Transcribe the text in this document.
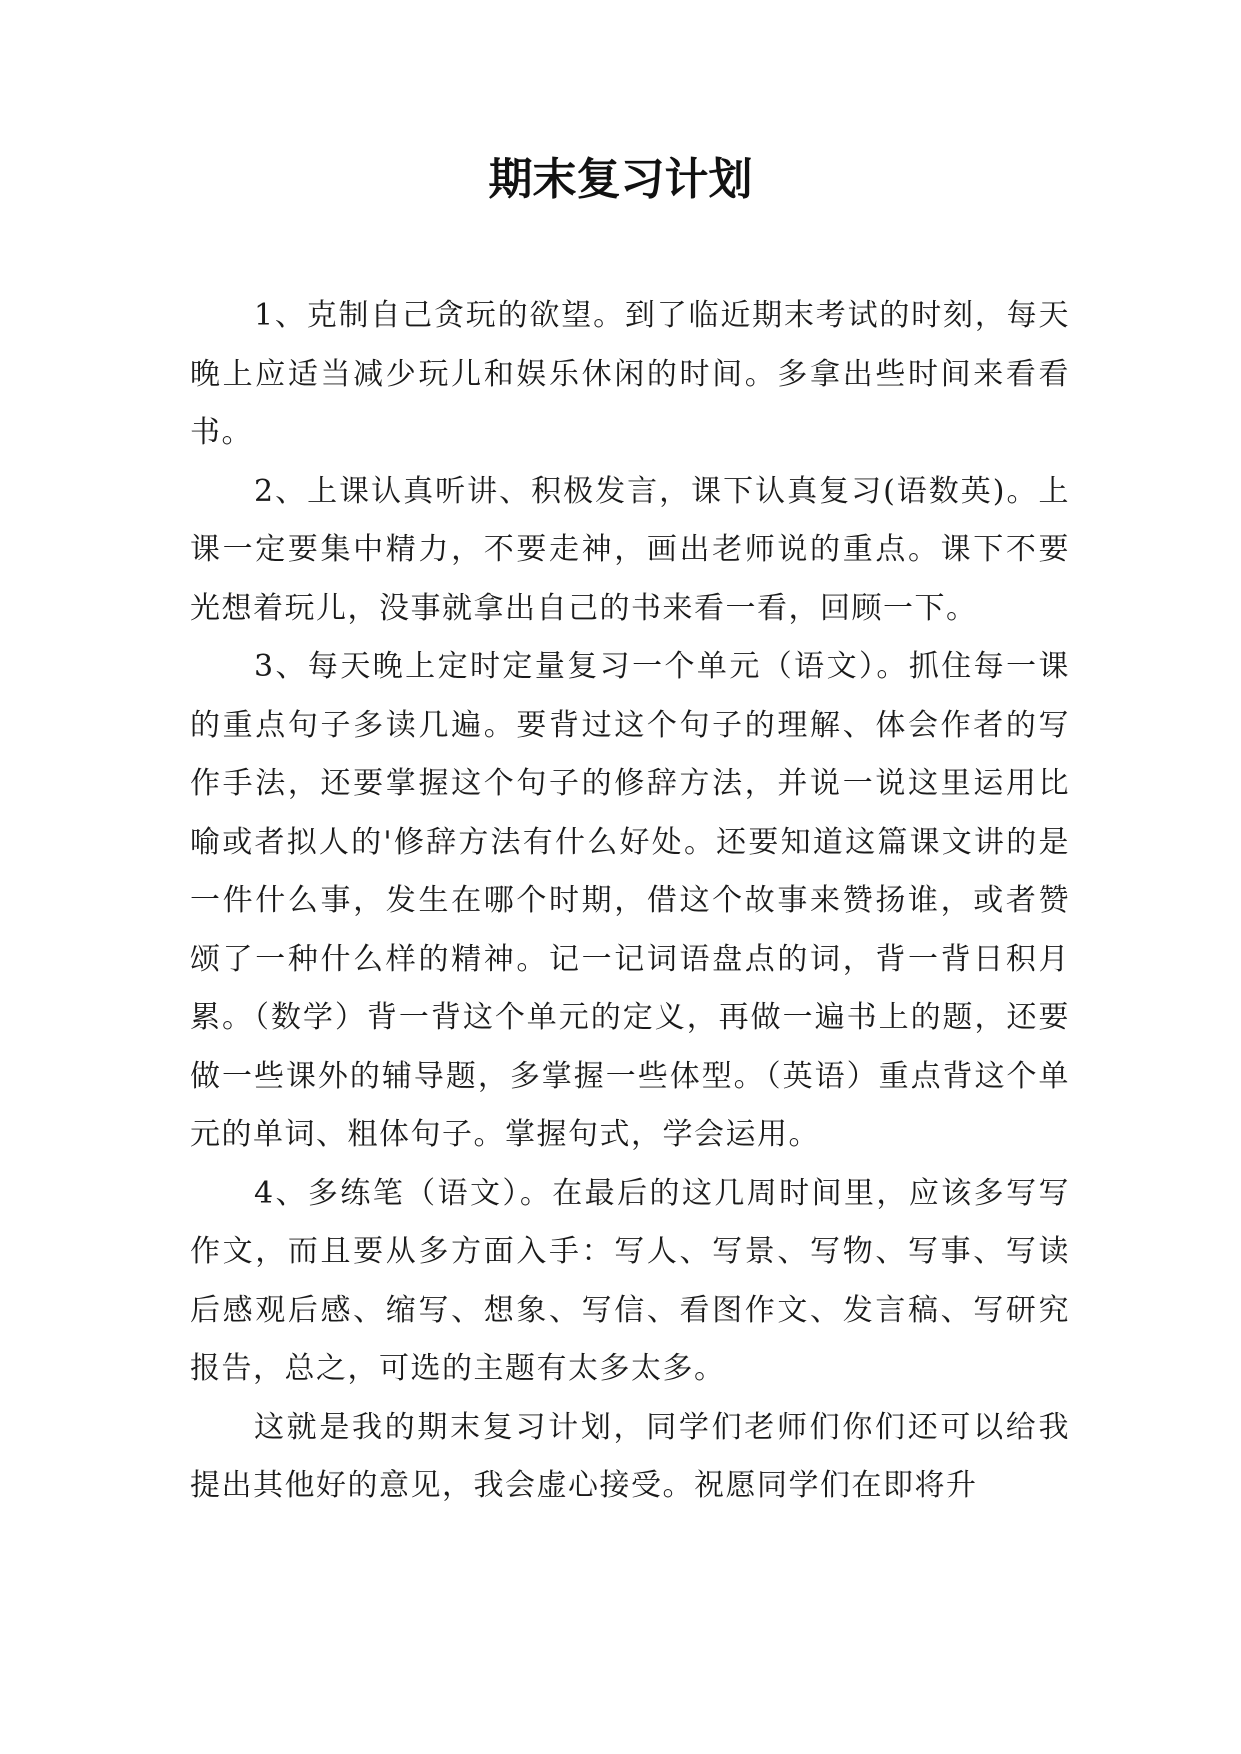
期末复习计划

1、克制自己贪玩的欲望。到了临近期末考试的时刻，每天晚上应适当减少玩儿和娱乐休闲的时间。多拿出些时间来看看书。

2、上课认真听讲、积极发言，课下认真复习(语数英)。上课一定要集中精力，不要走神，画出老师说的重点。课下不要光想着玩儿，没事就拿出自己的书来看一看，回顾一下。

3、每天晚上定时定量复习一个单元（语文）。抓住每一课的重点句子多读几遍。要背过这个句子的理解、体会作者的写作手法，还要掌握这个句子的修辞方法，并说一说这里运用比喻或者拟人的'修辞方法有什么好处。还要知道这篇课文讲的是一件什么事，发生在哪个时期，借这个故事来赞扬谁，或者赞颂了一种什么样的精神。记一记词语盘点的词，背一背日积月累。（数学）背一背这个单元的定义，再做一遍书上的题，还要做一些课外的辅导题，多掌握一些体型。（英语）重点背这个单元的单词、粗体句子。掌握句式，学会运用。

4、多练笔（语文）。在最后的这几周时间里，应该多写写作文，而且要从多方面入手：写人、写景、写物、写事、写读后感观后感、缩写、想象、写信、看图作文、发言稿、写研究报告，总之，可选的主题有太多太多。

这就是我的期末复习计划，同学们老师们你们还可以给我提出其他好的意见，我会虚心接受。祝愿同学们在即将升
